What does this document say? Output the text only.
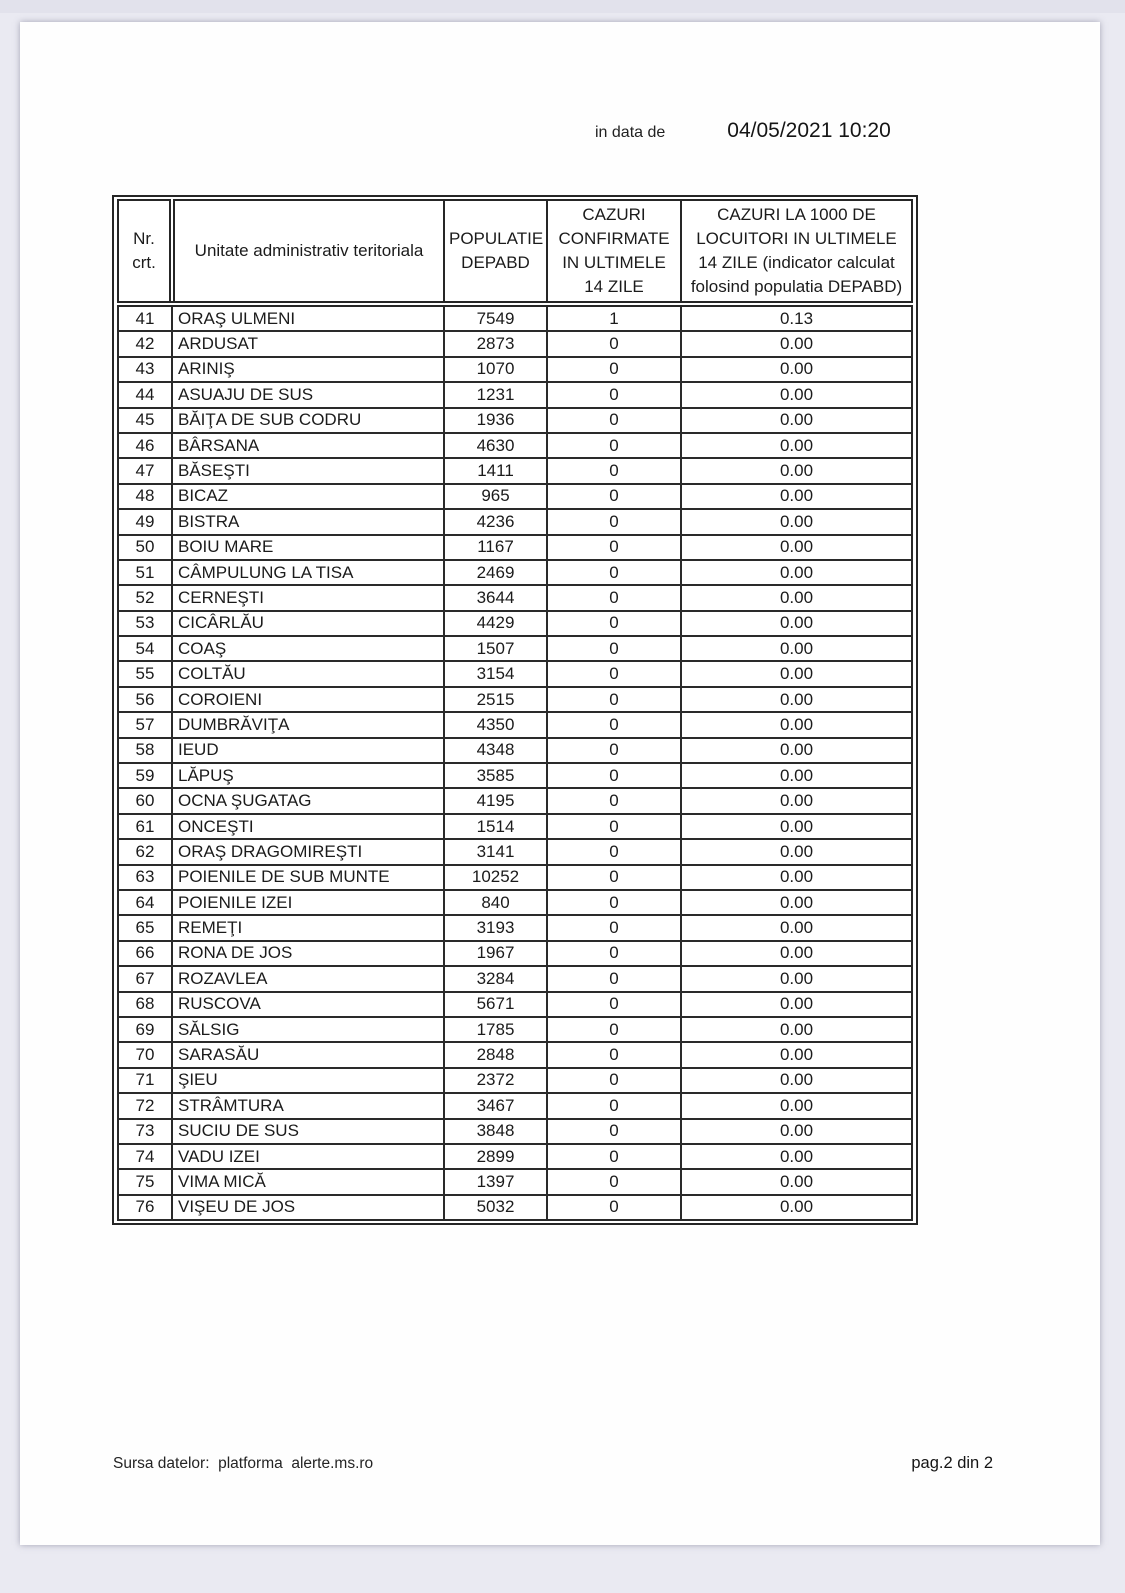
in data de	04/05/2021 10:20
Nr. crt.	Unitate administrativ teritoriala	POPULATIE DEPABD	CAZURI CONFIRMATE IN ULTIMELE 14 ZILE	CAZURI LA 1000 DE LOCUITORI IN ULTIMELE 14 ZILE (indicator calculat folosind populatia DEPABD)
41	ORAŞ ULMENI	7549	1	0.13
42	ARDUSAT	2873	0	0.00
43	ARINIŞ	1070	0	0.00
44	ASUAJU DE SUS	1231	0	0.00
45	BĂIŢA DE SUB CODRU	1936	0	0.00
46	BÂRSANA	4630	0	0.00
47	BĂSEŞTI	1411	0	0.00
48	BICAZ	965	0	0.00
49	BISTRA	4236	0	0.00
50	BOIU MARE	1167	0	0.00
51	CÂMPULUNG LA TISA	2469	0	0.00
52	CERNEŞTI	3644	0	0.00
53	CICÂRLĂU	4429	0	0.00
54	COAŞ	1507	0	0.00
55	COLTĂU	3154	0	0.00
56	COROIENI	2515	0	0.00
57	DUMBRĂVIŢA	4350	0	0.00
58	IEUD	4348	0	0.00
59	LĂPUŞ	3585	0	0.00
60	OCNA ŞUGATAG	4195	0	0.00
61	ONCEŞTI	1514	0	0.00
62	ORAŞ DRAGOMIREŞTI	3141	0	0.00
63	POIENILE DE SUB MUNTE	10252	0	0.00
64	POIENILE IZEI	840	0	0.00
65	REMEŢI	3193	0	0.00
66	RONA DE JOS	1967	0	0.00
67	ROZAVLEA	3284	0	0.00
68	RUSCOVA	5671	0	0.00
69	SĂLSIG	1785	0	0.00
70	SARASĂU	2848	0	0.00
71	ŞIEU	2372	0	0.00
72	STRÂMTURA	3467	0	0.00
73	SUCIU DE SUS	3848	0	0.00
74	VADU IZEI	2899	0	0.00
75	VIMA MICĂ	1397	0	0.00
76	VIŞEU DE JOS	5032	0	0.00
Sursa datelor:  platforma  alerte.ms.ro	pag.2 din 2
